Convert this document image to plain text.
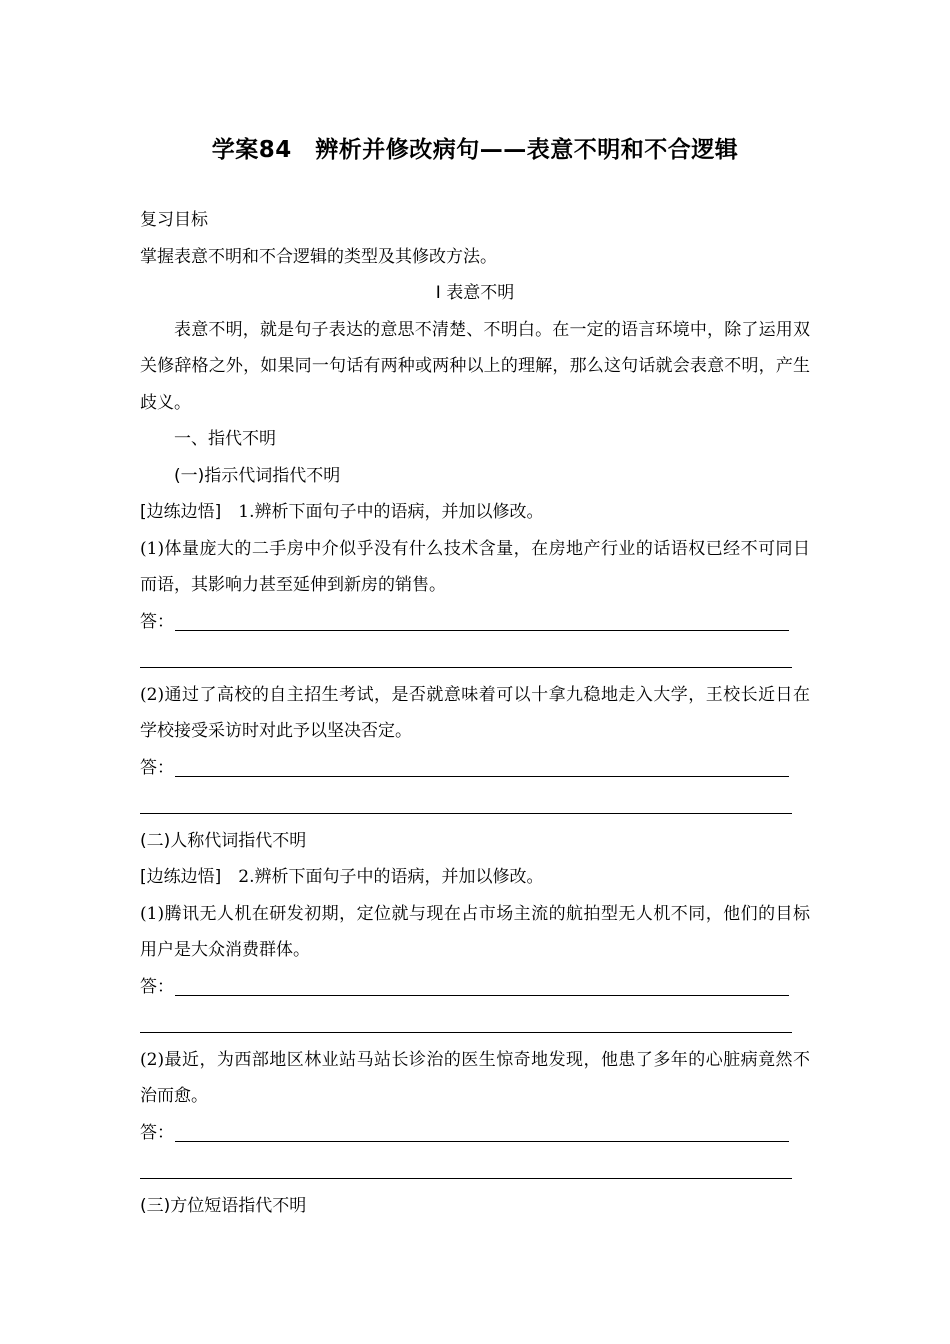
学案84　辨析并修改病句——表意不明和不合逻辑
复习目标
掌握表意不明和不合逻辑的类型及其修改方法。
Ⅰ 表意不明
表意不明，就是句子表达的意思不清楚、不明白。在一定的语言环境中，除了运用双关修辞格之外，如果同一句话有两种或两种以上的理解，那么这句话就会表意不明，产生歧义。
一、指代不明
(一)指示代词指代不明
[边练边悟]　 1.辨析下面句子中的语病，并加以修改。
(1)体量庞大的二手房中介似乎没有什么技术含量，在房地产行业的话语权已经不可同日而语，其影响力甚至延伸到新房的销售。
答：
(2)通过了高校的自主招生考试，是否就意味着可以十拿九稳地走入大学，王校长近日在学校接受采访时对此予以坚决否定。
答：
(二)人称代词指代不明
[边练边悟]　 2.辨析下面句子中的语病，并加以修改。
(1)腾讯无人机在研发初期，定位就与现在占市场主流的航拍型无人机不同，他们的目标用户是大众消费群体。
答：
(2)最近，为西部地区林业站马站长诊治的医生惊奇地发现，他患了多年的心脏病竟然不治而愈。
答：
(三)方位短语指代不明
